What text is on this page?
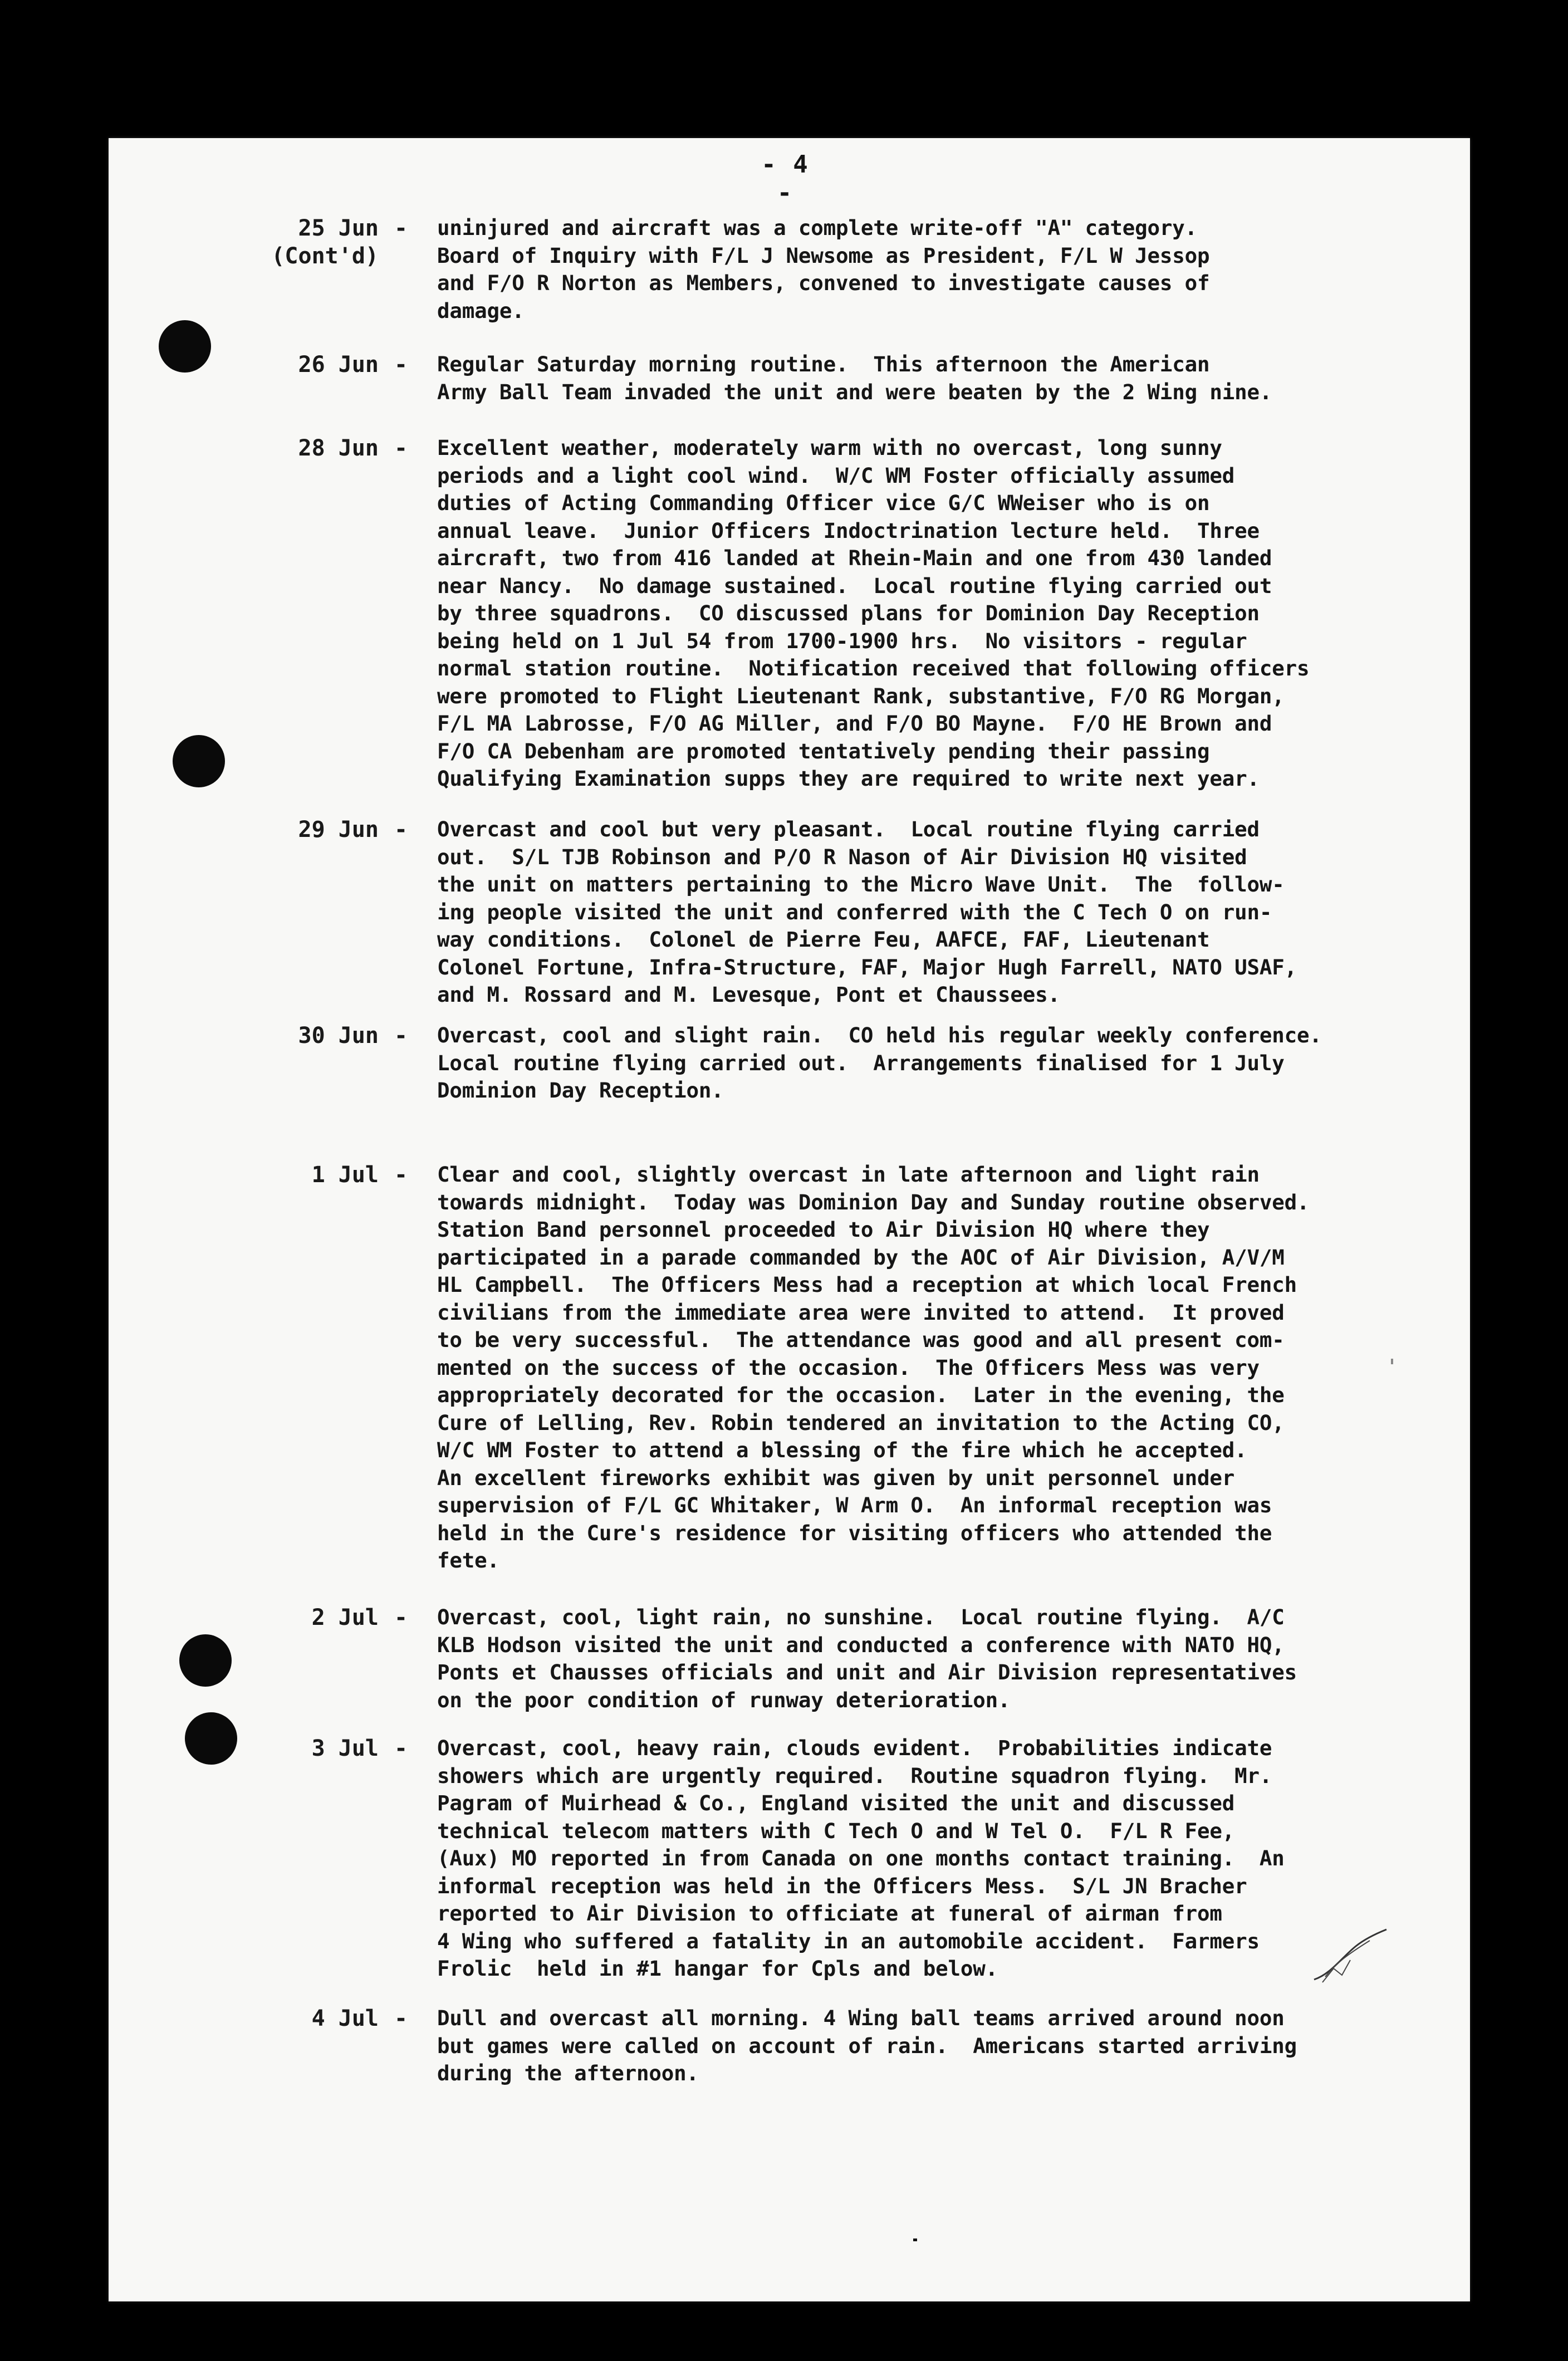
- 4 -
25 Jun
(Cont'd)
- uninjured and aircraft was a complete write-off "A" category.
Board of Inquiry with F/L J Newsome as President, F/L W Jessop
and F/O R Norton as Members, convened to investigate causes of
damage.
26 Jun - Regular Saturday morning routine.  This afternoon the American
Army Ball Team invaded the unit and were beaten by the 2 Wing nine.
28 Jun - Excellent weather, moderately warm with no overcast, long sunny
periods and a light cool wind.  W/C WM Foster officially assumed
duties of Acting Commanding Officer vice G/C WWeiser who is on
annual leave.  Junior Officers Indoctrination lecture held.  Three
aircraft, two from 416 landed at Rhein-Main and one from 430 landed
near Nancy.  No damage sustained.  Local routine flying carried out
by three squadrons.  CO discussed plans for Dominion Day Reception
being held on 1 Jul 54 from 1700-1900 hrs.  No visitors - regular
normal station routine.  Notification received that following officers
were promoted to Flight Lieutenant Rank, substantive, F/O RG Morgan,
F/L MA Labrosse, F/O AG Miller, and F/O BO Mayne.  F/O HE Brown and
F/O CA Debenham are promoted tentatively pending their passing
Qualifying Examination supps they are required to write next year.
29 Jun - Overcast and cool but very pleasant.  Local routine flying carried
out.  S/L TJB Robinson and P/O R Nason of Air Division HQ visited
the unit on matters pertaining to the Micro Wave Unit.  The  follow-
ing people visited the unit and conferred with the C Tech O on run-
way conditions.  Colonel de Pierre Feu, AAFCE, FAF, Lieutenant
Colonel Fortune, Infra-Structure, FAF, Major Hugh Farrell, NATO USAF,
and M. Rossard and M. Levesque, Pont et Chaussees.
30 Jun - Overcast, cool and slight rain.  CO held his regular weekly conference.
Local routine flying carried out.  Arrangements finalised for 1 July
Dominion Day Reception.
1 Jul - Clear and cool, slightly overcast in late afternoon and light rain
towards midnight.  Today was Dominion Day and Sunday routine observed.
Station Band personnel proceeded to Air Division HQ where they
participated in a parade commanded by the AOC of Air Division, A/V/M
HL Campbell.  The Officers Mess had a reception at which local French
civilians from the immediate area were invited to attend.  It proved
to be very successful.  The attendance was good and all present com-
mented on the success of the occasion.  The Officers Mess was very
appropriately decorated for the occasion.  Later in the evening, the
Cure of Lelling, Rev. Robin tendered an invitation to the Acting CO,
W/C WM Foster to attend a blessing of the fire which he accepted.
An excellent fireworks exhibit was given by unit personnel under
supervision of F/L GC Whitaker, W Arm O.  An informal reception was
held in the Cure's residence for visiting officers who attended the
fete.
2 Jul - Overcast, cool, light rain, no sunshine.  Local routine flying.  A/C
KLB Hodson visited the unit and conducted a conference with NATO HQ,
Ponts et Chausses officials and unit and Air Division representatives
on the poor condition of runway deterioration.
3 Jul - Overcast, cool, heavy rain, clouds evident.  Probabilities indicate
showers which are urgently required.  Routine squadron flying.  Mr.
Pagram of Muirhead & Co., England visited the unit and discussed
technical telecom matters with C Tech O and W Tel O.  F/L R Fee,
(Aux) MO reported in from Canada on one months contact training.  An
informal reception was held in the Officers Mess.  S/L JN Bracher
reported to Air Division to officiate at funeral of airman from
4 Wing who suffered a fatality in an automobile accident.  Farmers
Frolic  held in #1 hangar for Cpls and below.
4 Jul - Dull and overcast all morning. 4 Wing ball teams arrived around noon
but games were called on account of rain.  Americans started arriving
during the afternoon.
